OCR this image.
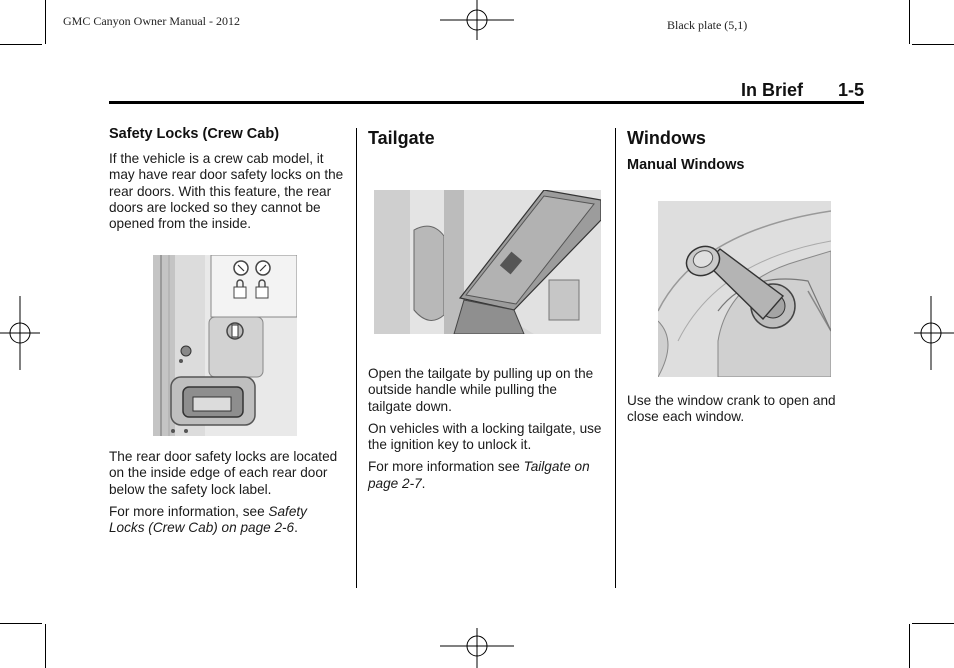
GMC Canyon Owner Manual - 2012	Black plate (5,1)
In Brief 1-5
Safety Locks (Crew Cab)

If the vehicle is a crew cab model, it may have rear door safety locks on the rear doors. With this feature, the rear doors are locked so they cannot be opened from the inside.

The rear door safety locks are located on the inside edge of each rear door below the safety lock label.

For more information, see Safety Locks (Crew Cab) on page 2-6.

Tailgate

Open the tailgate by pulling up on the outside handle while pulling the tailgate down.

On vehicles with a locking tailgate, use the ignition key to unlock it.

For more information see Tailgate on page 2-7.

Windows
Manual Windows

Use the window crank to open and close each window.
